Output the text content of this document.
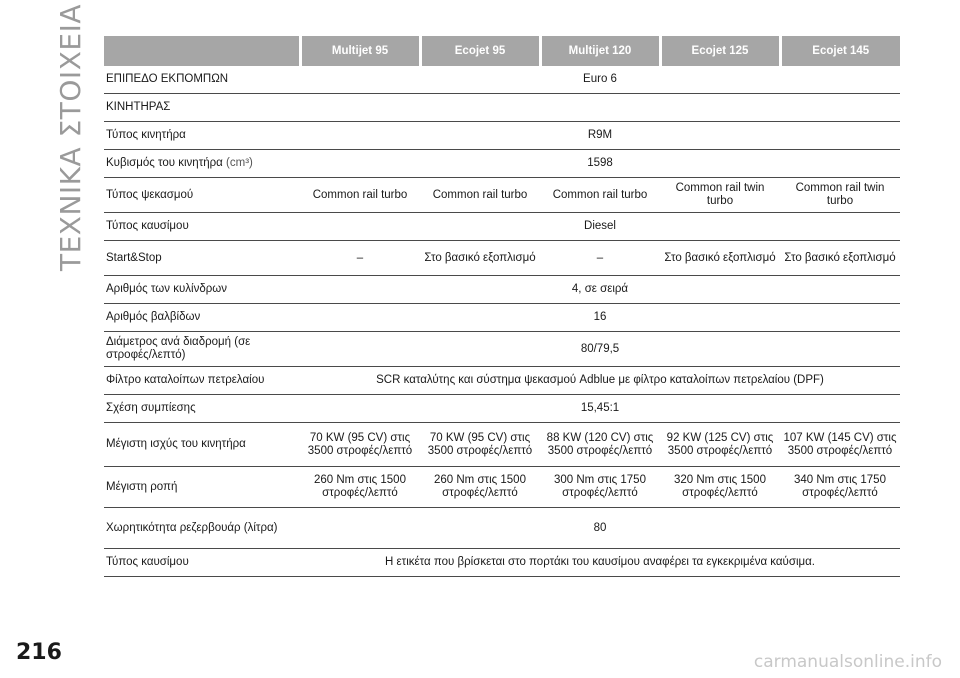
ΤΕΧΝΙΚΑ ΣΤΟΙΧΕΙΑ
		Multijet 95	Ecojet 95	Multijet 120	Ecojet 125	Ecojet 145
ΕΠΙΠΕΔΟ ΕΚΠΟΜΠΩΝ	Euro 6				
ΚΙΝΗΤΗΡΑΣ					
Τύπος κινητήρα	R9M				
Κυβισμός του κινητήρα (cm³)	1598				
Τύπος ψεκασμού	Common rail turbo	Common rail turbo	Common rail turbo	Common rail twin turbo	Common rail twin turbo
Τύπος καυσίμου	Diesel				
Start&Stop	–	Στο βασικό εξοπλισμό	–	Στο βασικό εξοπλισμό	Στο βασικό εξοπλισμό
Αριθμός των κυλίνδρων	4, σε σειρά				
Αριθμός βαλβίδων	16				
Διάμετρος ανά διαδρομή (σε στροφές/λεπτό)	80/79,5				
Φίλτρο καταλοίπων πετρελαίου	SCR καταλύτης και σύστημα ψεκασμού Adblue με φίλτρο καταλοίπων πετρελαίου (DPF)				
Σχέση συμπίεσης	15,45:1				
Μέγιστη ισχύς του κινητήρα	70 KW (95 CV) στις 3500 στροφές/λεπτό	70 KW (95 CV) στις 3500 στροφές/λεπτό	88 KW (120 CV) στις 3500 στροφές/λεπτό	92 KW (125 CV) στις 3500 στροφές/λεπτό	107 KW (145 CV) στις 3500 στροφές/λεπτό
Μέγιστη ροπή	260 Nm στις 1500 στροφές/λεπτό	260 Nm στις 1500 στροφές/λεπτό	300 Nm στις 1750 στροφές/λεπτό	320 Nm στις 1500 στροφές/λεπτό	340 Nm στις 1750 στροφές/λεπτό
Χωρητικότητα ρεζερβουάρ (λίτρα)	80				
Τύπος καυσίμου	Η ετικέτα που βρίσκεται στο πορτάκι του καυσίμου αναφέρει τα εγκεκριμένα καύσιμα.				
216	carmanualsonline.info
